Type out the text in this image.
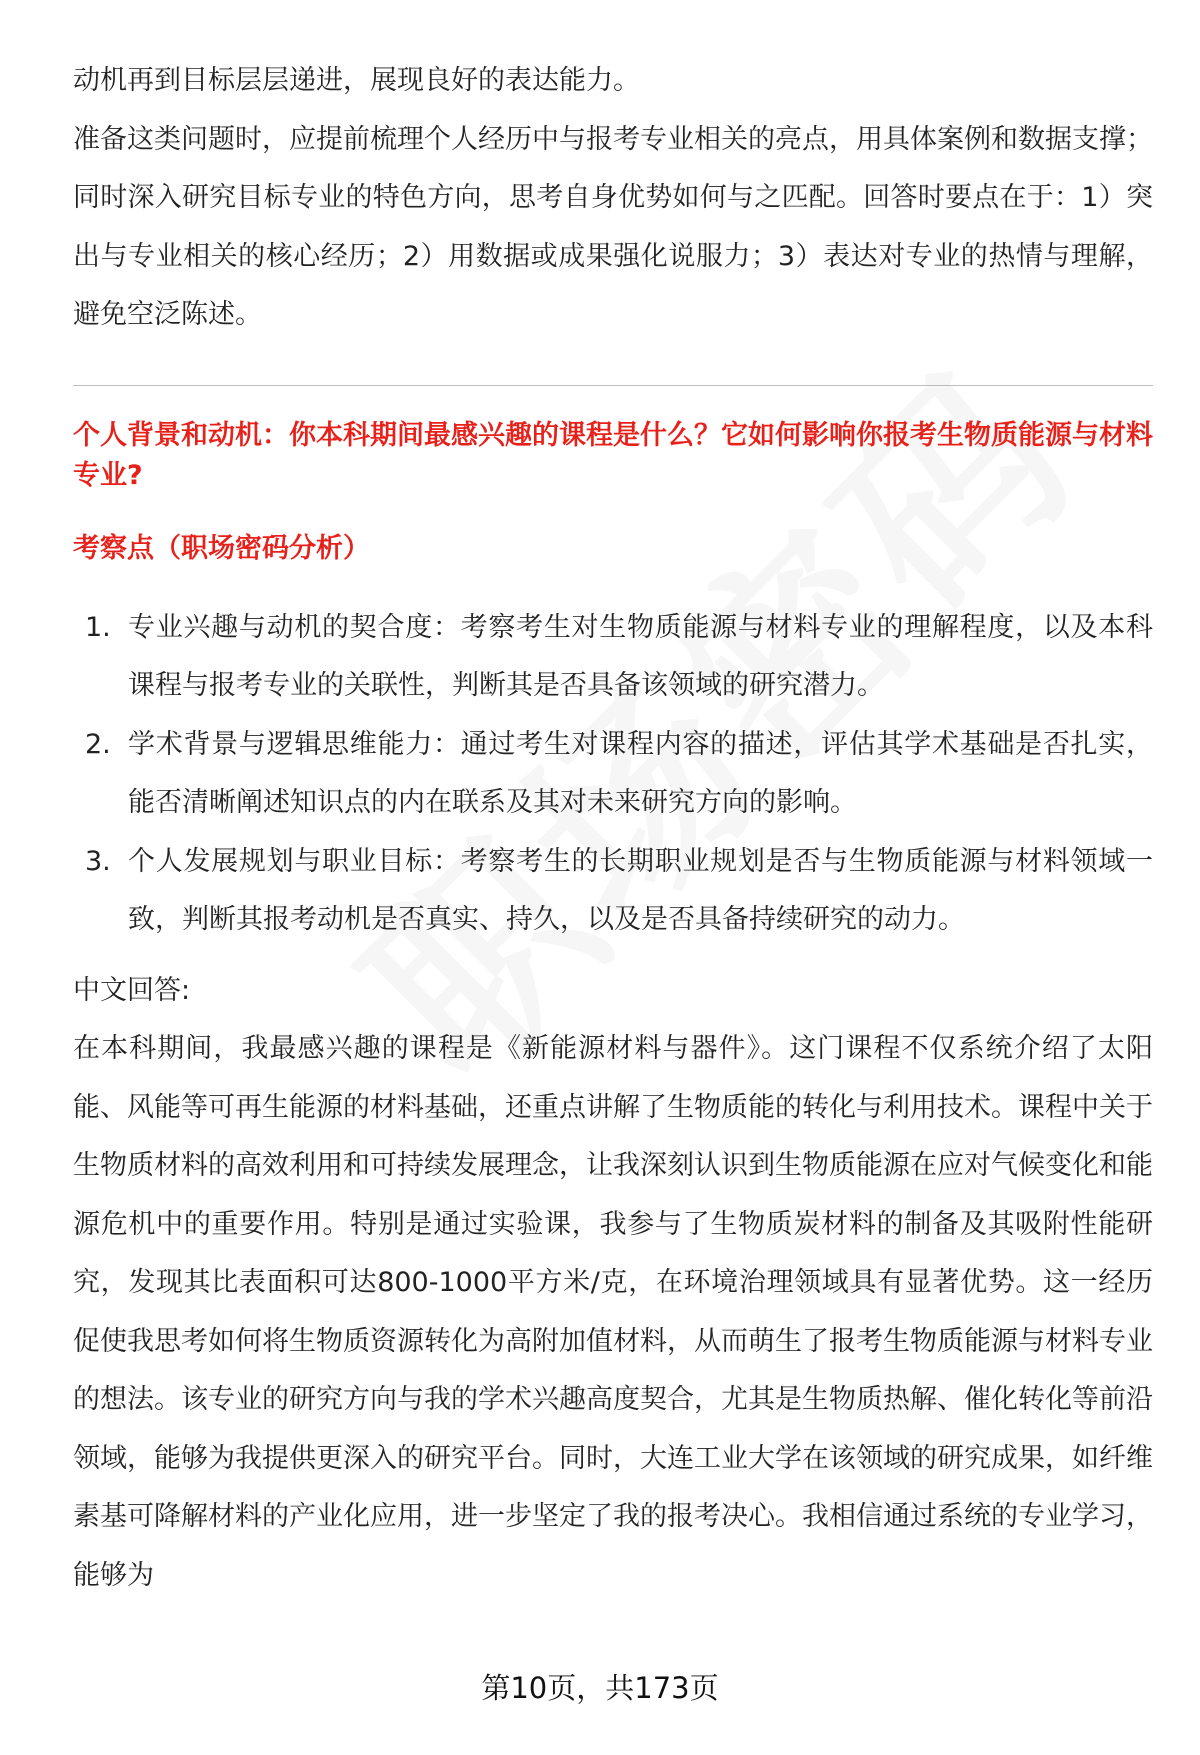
动机再到目标层层递进，展现良好的表达能力。

准备这类问题时，应提前梳理个人经历中与报考专业相关的亮点，用具体案例和数据支撑；同时深入研究目标专业的特色方向，思考自身优势如何与之匹配。回答时要点在于：1）突出与专业相关的核心经历；2）用数据或成果强化说服力；3）表达对专业的热情与理解，避免空泛陈述。

个人背景和动机：你本科期间最感兴趣的课程是什么？它如何影响你报考生物质能源与材料专业?

考察点（职场密码分析）

1. 专业兴趣与动机的契合度：考察考生对生物质能源与材料专业的理解程度，以及本科课程与报考专业的关联性，判断其是否具备该领域的研究潜力。
2. 学术背景与逻辑思维能力：通过考生对课程内容的描述，评估其学术基础是否扎实，能否清晰阐述知识点的内在联系及其对未来研究方向的影响。
3. 个人发展规划与职业目标：考察考生的长期职业规划是否与生物质能源与材料领域一致，判断其报考动机是否真实、持久，以及是否具备持续研究的动力。

中文回答:

在本科期间，我最感兴趣的课程是《新能源材料与器件》。这门课程不仅系统介绍了太阳能、风能等可再生能源的材料基础，还重点讲解了生物质能的转化与利用技术。课程中关于生物质材料的高效利用和可持续发展理念，让我深刻认识到生物质能源在应对气候变化和能源危机中的重要作用。特别是通过实验课，我参与了生物质炭材料的制备及其吸附性能研究，发现其比表面积可达800-1000平方米/克，在环境治理领域具有显著优势。这一经历促使我思考如何将生物质资源转化为高附加值材料，从而萌生了报考生物质能源与材料专业的想法。该专业的研究方向与我的学术兴趣高度契合，尤其是生物质热解、催化转化等前沿领域，能够为我提供更深入的研究平台。同时，大连工业大学在该领域的研究成果，如纤维素基可降解材料的产业化应用，进一步坚定了我的报考决心。我相信通过系统的专业学习，能够为

第10页，共173页
